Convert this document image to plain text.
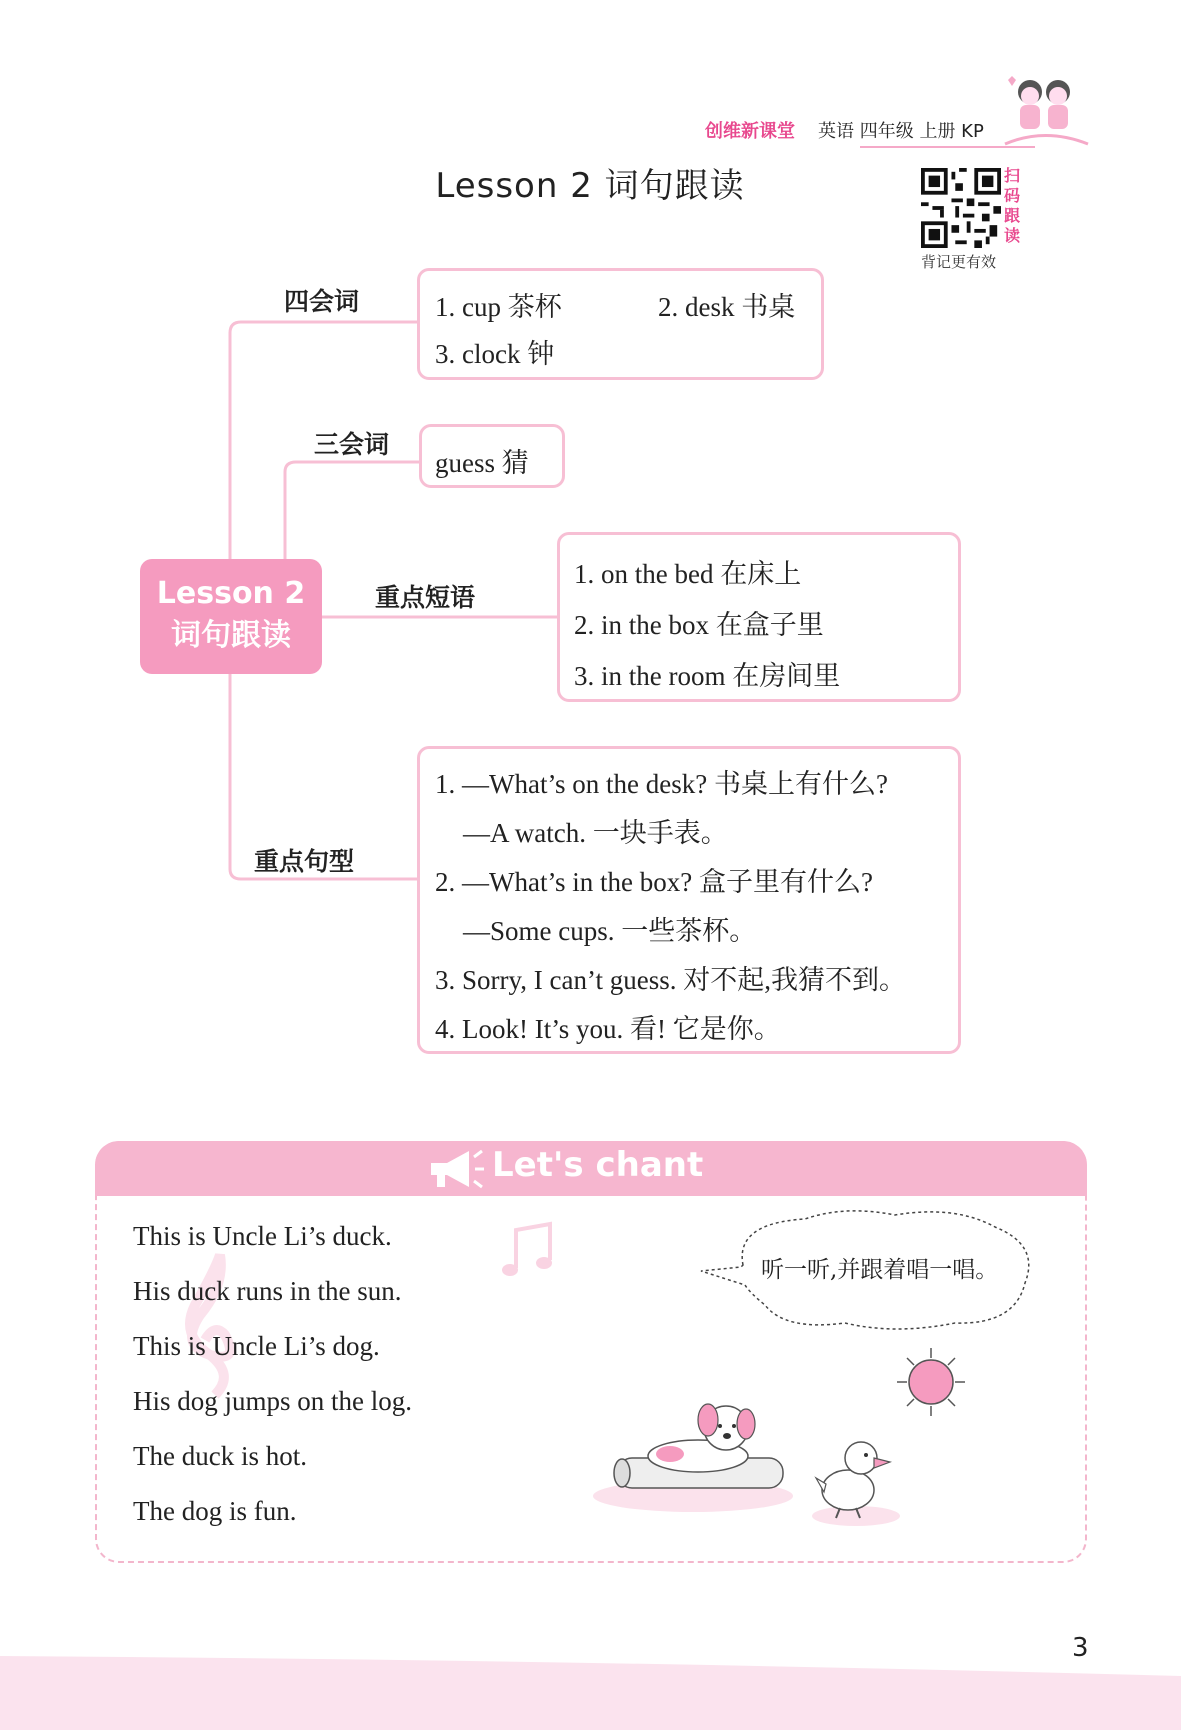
创维新课堂 英语 四年级 上册 KP
Lesson 2 词句跟读	扫
码
跟
读
背记更有效
四会词
三会词
重点短语
重点句型
Lesson 2
词句跟读
1. cup 茶杯	2. desk 书桌
3. clock 钟
guess 猜
1. on the bed 在床上
2. in the box 在盒子里
3. in the room 在房间里
1. —What’s on the desk? 书桌上有什么?
—A watch. 一块手表。
2. —What’s in the box? 盒子里有什么?
—Some cups. 一些茶杯。
3. Sorry, I can’t guess. 对不起,我猜不到。
4. Look! It’s you. 看! 它是你。
Let's chant
This is Uncle Li’s duck.
His duck runs in the sun.
This is Uncle Li’s dog.
His dog jumps on the log.
The duck is hot.
The dog is fun.
听一听,并跟着唱一唱。
3
